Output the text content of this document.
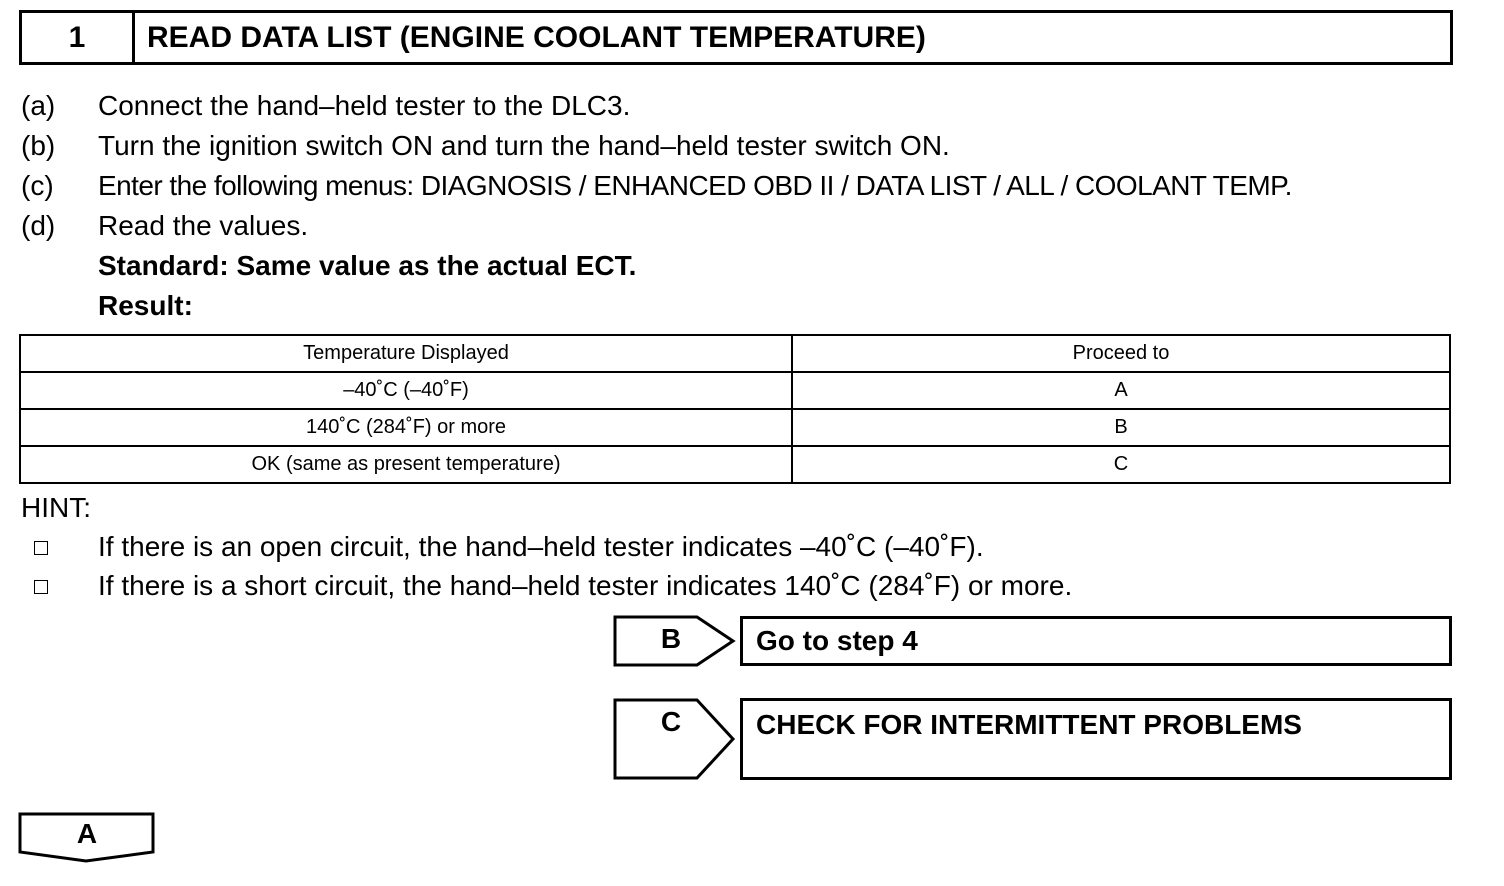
1	READ DATA LIST (ENGINE COOLANT TEMPERATURE)
(a) Connect the hand–held tester to the DLC3.
(b) Turn the ignition switch ON and turn the hand–held tester switch ON.
(c) Enter the following menus: DIAGNOSIS / ENHANCED OBD II / DATA LIST / ALL / COOLANT TEMP.
(d) Read the values.
Standard: Same value as the actual ECT.
Result:
Temperature Displayed	Proceed to
–40˚C (–40˚F)	A
140˚C (284˚F) or more	B
OK (same as present temperature)	C
HINT:
If there is an open circuit, the hand–held tester indicates –40˚C (–40˚F).
If there is a short circuit, the hand–held tester indicates 140˚C (284˚F) or more.
B	Go to step 4
C	CHECK FOR INTERMITTENT PROBLEMS
A
